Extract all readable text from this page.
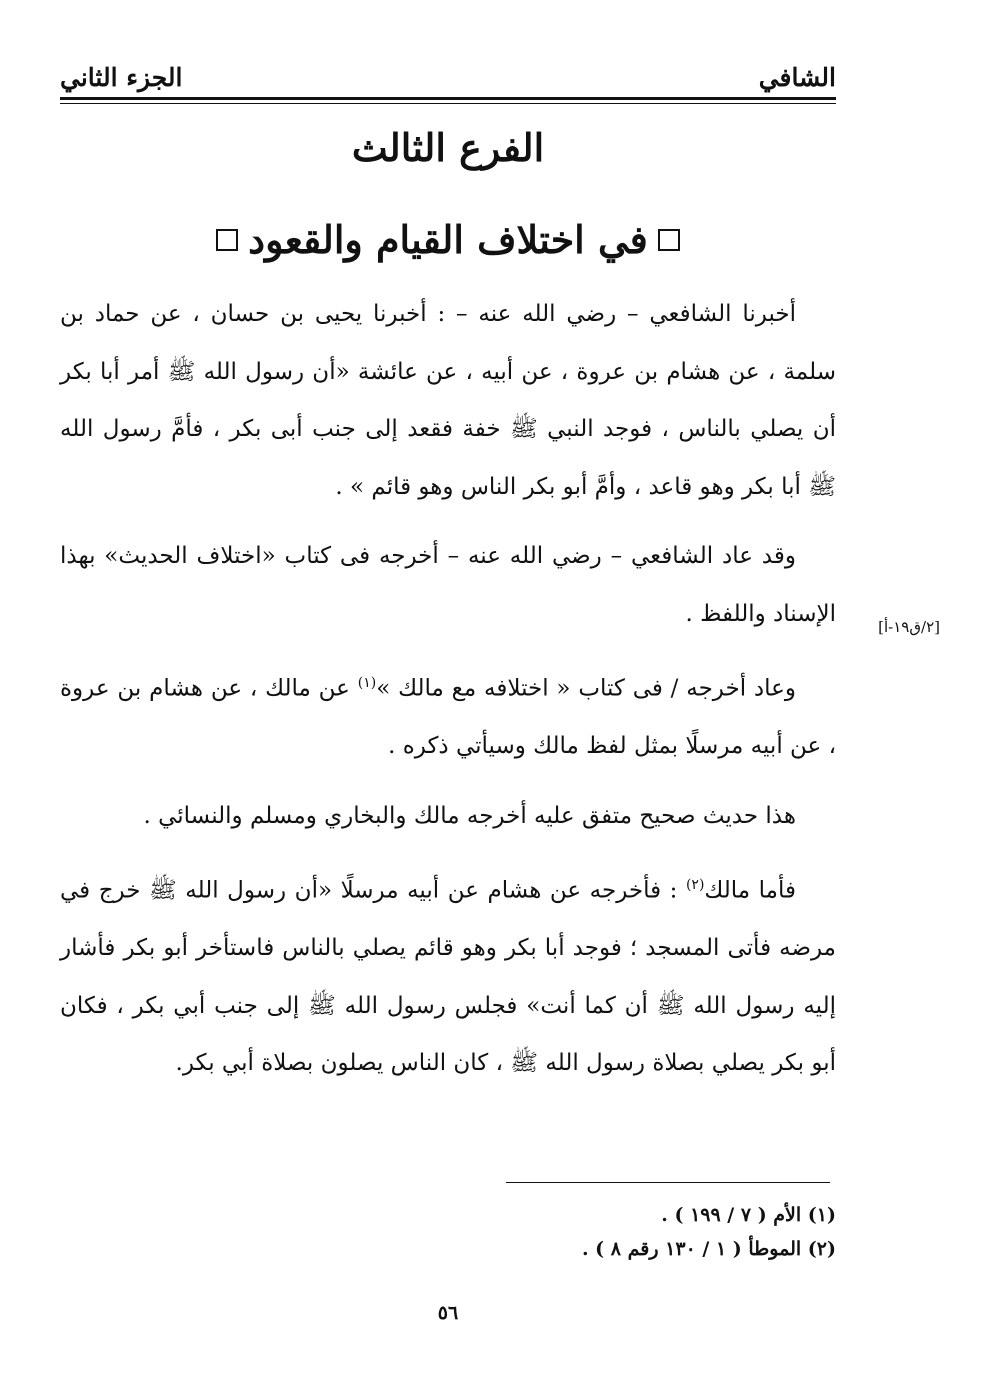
الشافي
الجزء الثاني
الفرع الثالث
في اختلاف القيام والقعود

أخبرنا الشافعي – رضي الله عنه – : أخبرنا يحيى بن حسان ، عن حماد بن سلمة ، عن هشام بن عروة ، عن أبيه ، عن عائشة «أن رسول الله ﷺ أمر أبا بكر أن يصلي بالناس ، فوجد النبي ﷺ خفة فقعد إلى جنب أبى بكر ، فأمَّ رسول الله ﷺ أبا بكر وهو قاعد ، وأمَّ أبو بكر الناس وهو قائم » .

وقد عاد الشافعي – رضي الله عنه – أخرجه فى كتاب «اختلاف الحديث» بهذا الإسناد واللفظ .

وعاد أخرجه / فى كتاب « اختلافه مع مالك »$^{(١)}$ عن مالك ، عن هشام بن عروة ، عن أبيه مرسلًا بمثل لفظ مالك وسيأتي ذكره .

هذا حديث صحيح متفق عليه أخرجه مالك والبخاري ومسلم والنسائي .

فأما مالك$^{(٢)}$ : فأخرجه عن هشام عن أبيه مرسلًا «أن رسول الله ﷺ خرج في مرضه فأتى المسجد ؛ فوجد أبا بكر وهو قائم يصلي بالناس فاستأخر أبو بكر فأشار إليه رسول الله ﷺ أن كما أنت» فجلس رسول الله ﷺ إلى جنب أبي بكر ، فكان أبو بكر يصلي بصلاة رسول الله ﷺ ، كان الناس يصلون بصلاة أبي بكر.

[٢/ق١٩-أ]
(١) الأم ( ٧ / ١٩٩ ) .
(٢) الموطأ ( ١ / ١٣٠ رقم ٨ ) .
٥٦
